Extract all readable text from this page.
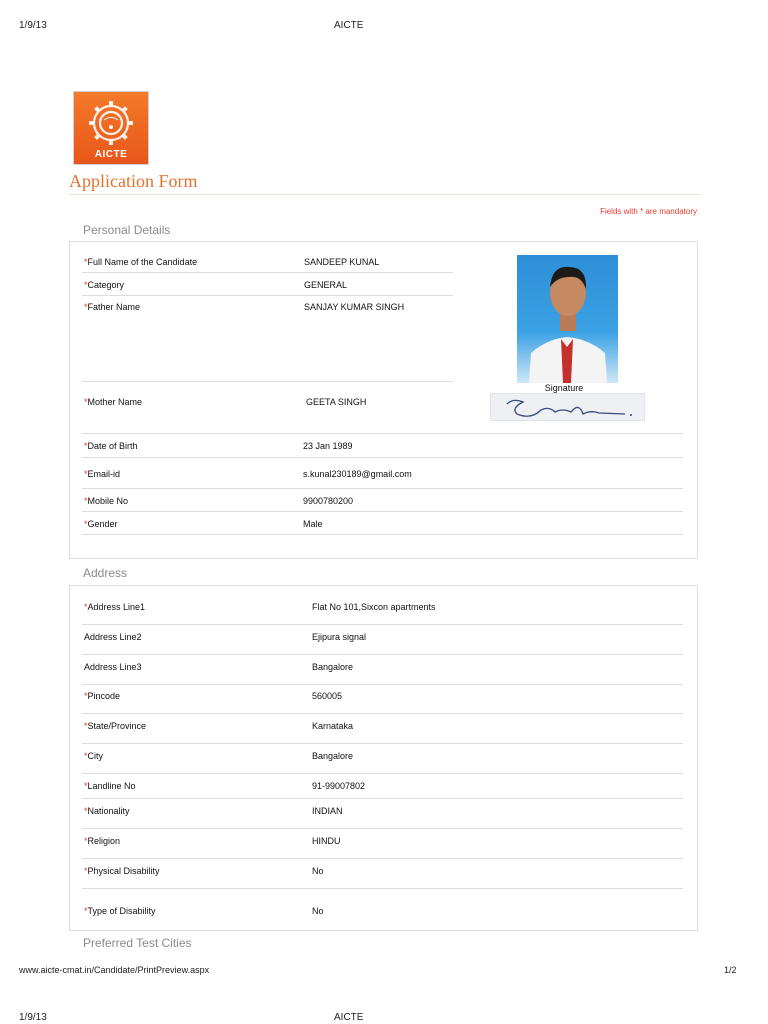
1/9/13	AICTE
AICTE
Application Form
Fields with * are mandatory
Personal Details
Signature
*Full Name of the Candidate	SANDEEP KUNAL
*Category	GENERAL
*Father Name	SANJAY KUMAR SINGH
*Mother Name	GEETA SINGH
*Date of Birth	23 Jan 1989
*Email-id	s.kunal230189@gmail.com
*Mobile No	9900780200
*Gender	Male
Address
*Address Line1	Flat No 101,Sixcon apartments
Address Line2	Ejipura signal
Address Line3	Bangalore
*Pincode	560005
*State/Province	Karnataka
*City	Bangalore
*Landline No	91-99007802
*Nationality	INDIAN
*Religion	HINDU
*Physical Disability	No
*Type of Disability	No
Preferred Test Cities
www.aicte-cmat.in/Candidate/PrintPreview.aspx	1/2
1/9/13	AICTE
